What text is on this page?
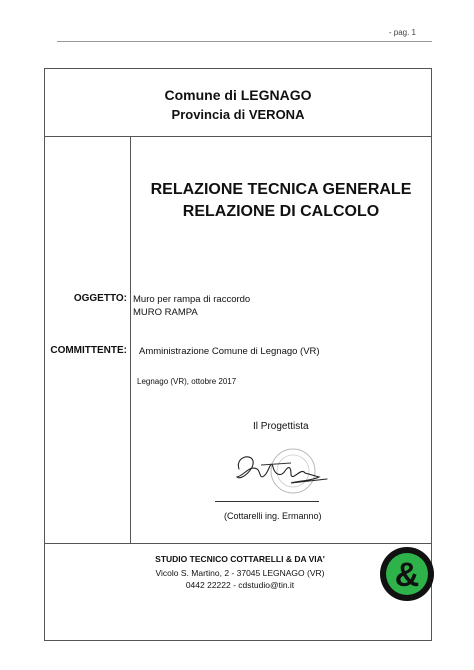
- pag. 1
Comune di LEGNAGO
Provincia di VERONA
RELAZIONE TECNICA GENERALE
RELAZIONE DI CALCOLO
OGGETTO: Muro per rampa di raccordo
MURO RAMPA
COMMITTENTE: Amministrazione Comune di Legnago (VR)
Legnago (VR), ottobre 2017
Il Progettista
(Cottarelli ing. Ermanno)
STUDIO TECNICO COTTARELLI & DA VIA'
Vicolo S. Martino, 2 - 37045 LEGNAGO (VR)
0442 22222 - cdstudio@tin.it	&
